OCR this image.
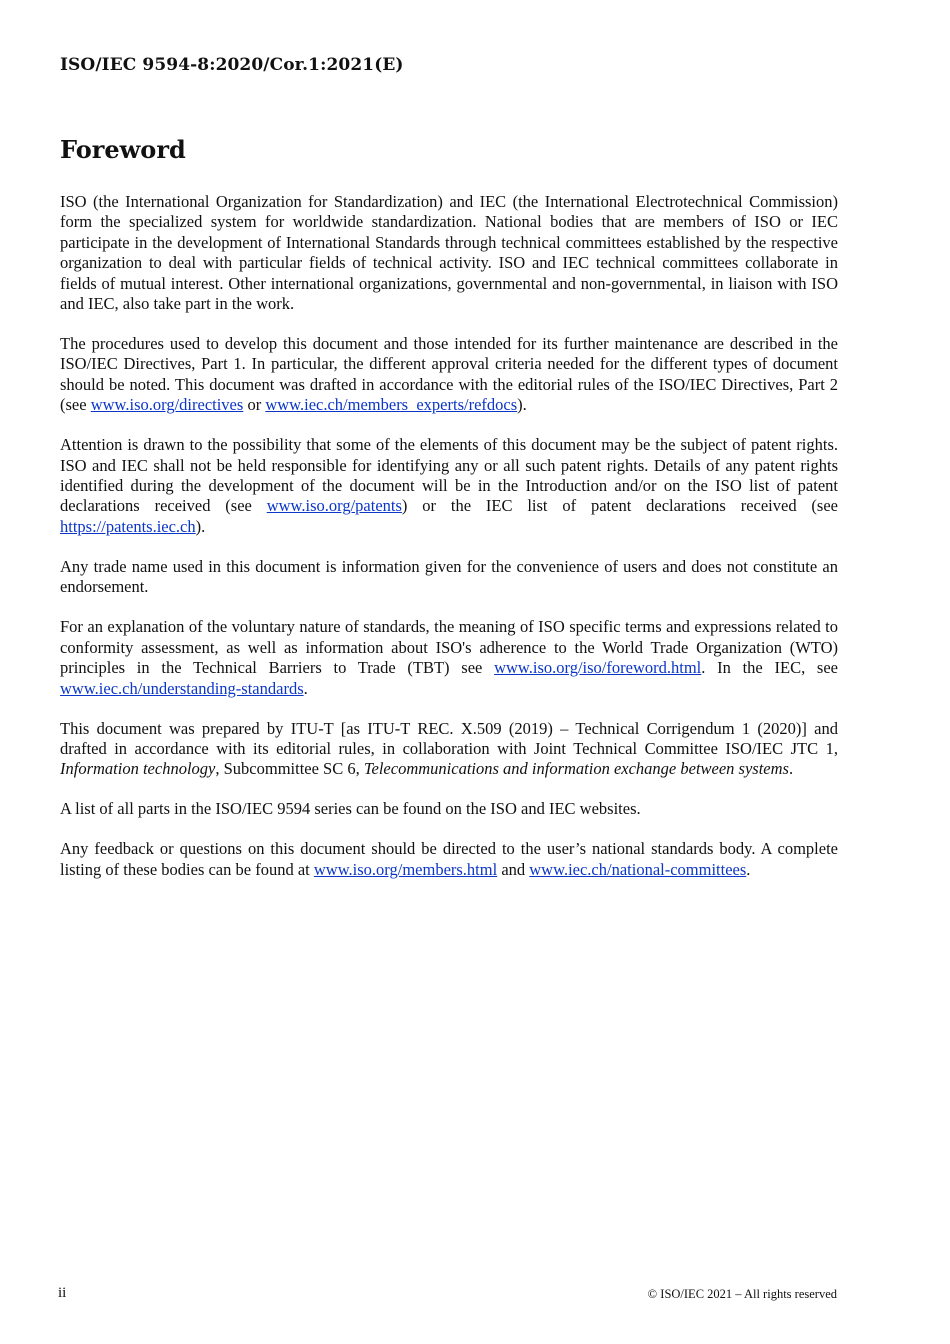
ISO/IEC 9594-8:2020/Cor.1:2021(E)
Foreword

ISO (the International Organization for Standardization) and IEC (the International Electrotechnical Commission) form the specialized system for worldwide standardization. National bodies that are members of ISO or IEC participate in the development of International Standards through technical committees established by the respective organization to deal with particular fields of technical activity. ISO and IEC technical committees collaborate in fields of mutual interest. Other international organizations, governmental and non-governmental, in liaison with ISO and IEC, also take part in the work.

The procedures used to develop this document and those intended for its further maintenance are described in the ISO/IEC Directives, Part 1. In particular, the different approval criteria needed for the different types of document should be noted. This document was drafted in accordance with the editorial rules of the ISO/IEC Directives, Part 2 (see www.iso.org/directives or www.iec.ch/members_experts/refdocs).

Attention is drawn to the possibility that some of the elements of this document may be the subject of patent rights. ISO and IEC shall not be held responsible for identifying any or all such patent rights. Details of any patent rights identified during the development of the document will be in the Introduction and/or on the ISO list of patent declarations received (see www.iso.org/patents) or the IEC list of patent declarations received (see https://patents.iec.ch).

Any trade name used in this document is information given for the convenience of users and does not constitute an endorsement.

For an explanation of the voluntary nature of standards, the meaning of ISO specific terms and expressions related to conformity assessment, as well as information about ISO's adherence to the World Trade Organization (WTO) principles in the Technical Barriers to Trade (TBT) see www.iso.org/iso/foreword.html. In the IEC, see www.iec.ch/understanding-standards.

This document was prepared by ITU-T [as ITU-T REC. X.509 (2019) – Technical Corrigendum 1 (2020)] and drafted in accordance with its editorial rules, in collaboration with Joint Technical Committee ISO/IEC JTC 1, Information technology, Subcommittee SC 6, Telecommunications and information exchange between systems.

A list of all parts in the ISO/IEC 9594 series can be found on the ISO and IEC websites.

Any feedback or questions on this document should be directed to the user’s national standards body. A complete listing of these bodies can be found at www.iso.org/members.html and www.iec.ch/national-committees.

ii	© ISO/IEC 2021 – All rights reserved
